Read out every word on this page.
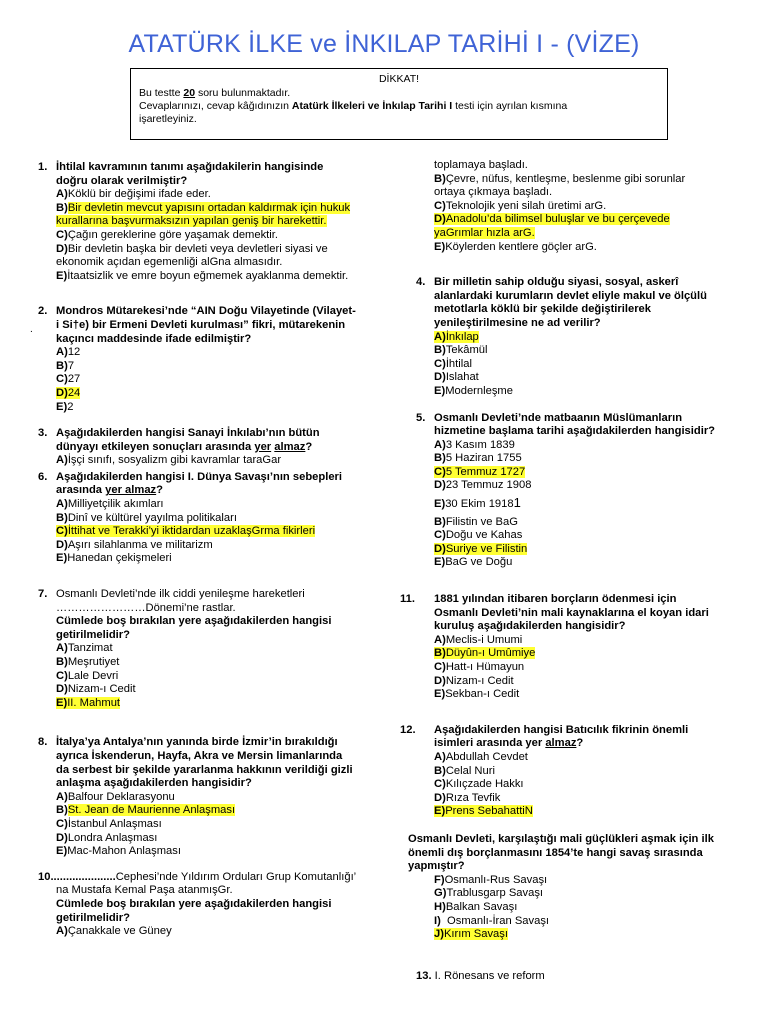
ATATÜRK İLKE ve İNKILAP TARİHİ I - (VİZE)
DİKKAT!
Bu testte 20 soru bulunmaktadır.
Cevaplarınızı, cevap kâğıdınızın Atatürk İlkeleri ve İnkılap Tarihi I testi için ayrılan kısmına
işaretleyiniz.
.
1. İhtilal kavramının tanımı aşağıdakilerin hangisinde doğru olarak verilmiştir?
A)Köklü bir değişimi ifade eder.
B)Bir devletin mevcut yapısını ortadan kaldırmak için hukuk kurallarına başvurmaksızın yapılan geniş bir harekettir.
C)Çağın gereklerine göre yaşamak demektir.
D)Bir devletin başka bir devleti veya devletleri siyasi ve ekonomik açıdan egemenliği alGna almasıdır.
E)İtaatsizlik ve emre boyun eğmemek ayaklanma demektir.
2. Mondros Mütarekesi’nde “AIN Doğu Vilayetinde (Vilayet-i Si†e) bir Ermeni Devleti kurulması” fikri, mütarekenin kaçıncı maddesinde ifade edilmiştir?
A)12
B)7
C)27
D)24
E)2
3. Aşağıdakilerden hangisi Sanayi İnkılabı’nın bütün dünyayı etkileyen sonuçları arasında yer almaz?
A)İşçi sınıfı, sosyalizm gibi kavramlar taraGar
6. Aşağıdakilerden hangisi I. Dünya Savaşı’nın sebepleri arasında yer almaz?
A)Milliyetçilik akımları
B)Dinî ve kültürel yayılma politikaları
C)İttihat ve Terakki’yi iktidardan uzaklaşGrma fikirleri
D)Aşırı silahlanma ve militarizm
E)Hanedan çekişmeleri
7. Osmanlı Devleti’nde ilk ciddi yenileşme hareketleri ……………………Dönemi’ne rastlar.
Cümlede boş bırakılan yere aşağıdakilerden hangisi getirilmelidir?
A)Tanzimat
B)Meşrutiyet
C)Lale Devri
D)Nizam-ı Cedit
E)II. Mahmut
8. İtalya’ya Antalya’nın yanında birde İzmir’in bırakıldığı ayrıca İskenderun, Hayfa, Akra ve Mersin limanlarında da serbest bir şekilde yararlanma hakkının verildiği gizli anlaşma aşağıdakilerden hangisidir?
A)Balfour Deklarasyonu
B)St. Jean de Maurienne Anlaşması
C)İstanbul Anlaşması
D)Londra Anlaşması
E)Mac-Mahon Anlaşması
10.....................Cephesi’nde Yıldırım Orduları Grup Komutanlığı’
na Mustafa Kemal Paşa atanmışGr.
Cümlede boş bırakılan yere aşağıdakilerden hangisi getirilmelidir?
A)Çanakkale ve Güney
toplamaya başladı.
B)Çevre, nüfus, kentleşme, beslenme gibi sorunlar ortaya çıkmaya başladı.
C)Teknolojik yeni silah üretimi arG.
D)Anadolu’da bilimsel buluşlar ve bu çerçevede yaGrımlar hızla arG.
E)Köylerden kentlere göçler arG.
4. Bir milletin sahip olduğu siyasi, sosyal, askerî alanlardaki kurumların devlet eliyle makul ve ölçülü metotlarla köklü bir şekilde değiştirilerek yenileştirilmesine ne ad verilir?
A)İnkılap
B)Tekâmül
C)İhtilal
D)Islahat
E)Modernleşme
5. Osmanlı Devleti’nde matbaanın Müslümanların hizmetine başlama tarihi aşağıdakilerden hangisidir?
A)3 Kasım 1839
B)5 Haziran 1755
C)5 Temmuz 1727
D)23 Temmuz 1908
E)30 Ekim 19181
B)Filistin ve BaG
C)Doğu ve Kahas
D)Suriye ve Filistin
E)BaG ve Doğu
11. 1881 yılından itibaren borçların ödenmesi için Osmanlı Devleti’nin mali kaynaklarına el koyan idari kuruluş aşağıdakilerden hangisidir?
A)Meclis-i Umumi
B)Düyûn-ı Umûmiye
C)Hatt-ı Hümayun
D)Nizam-ı Cedit
E)Sekban-ı Cedit
12. Aşağıdakilerden hangisi Batıcılık fikrinin önemli isimleri arasında yer almaz?
A)Abdullah Cevdet
B)Celal Nuri
C)Kılıçzade Hakkı
D)Rıza Tevfik
E)Prens SebahattiN
Osmanlı Devleti, karşılaştığı mali güçlükleri aşmak için ilk önemli dış borçlanmasını 1854’te hangi savaş sırasında yapmıştır?
F)Osmanlı-Rus Savaşı
G)Trablusgarp Savaşı
H)Balkan Savaşı
I)  Osmanlı-İran Savaşı
J)Kırım Savaşı
13. I. Rönesans ve reform
